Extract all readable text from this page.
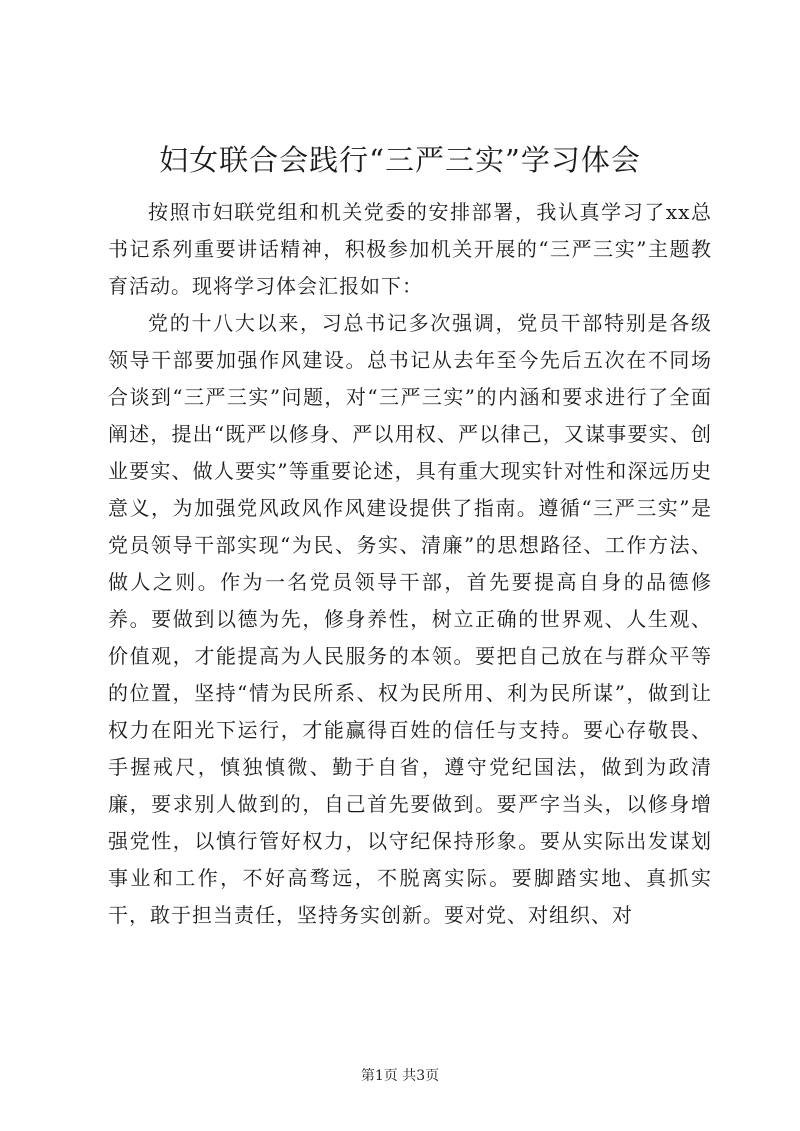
妇女联合会践行“三严三实”学习体会

按照市妇联党组和机关党委的安排部署，我认真学习了xx总书记系列重要讲话精神，积极参加机关开展的“三严三实”主题教育活动。现将学习体会汇报如下：

党的十八大以来，习总书记多次强调，党员干部特别是各级领导干部要加强作风建设。总书记从去年至今先后五次在不同场合谈到“三严三实”问题，对“三严三实”的内涵和要求进行了全面阐述，提出“既严以修身、严以用权、严以律己，又谋事要实、创业要实、做人要实”等重要论述，具有重大现实针对性和深远历史意义，为加强党风政风作风建设提供了指南。遵循“三严三实”是党员领导干部实现“为民、务实、清廉”的思想路径、工作方法、做人之则。作为一名党员领导干部，首先要提高自身的品德修养。要做到以德为先，修身养性，树立正确的世界观、人生观、价值观，才能提高为人民服务的本领。要把自己放在与群众平等的位置，坚持“情为民所系、权为民所用、利为民所谋”，做到让权力在阳光下运行，才能赢得百姓的信任与支持。要心存敬畏、手握戒尺，慎独慎微、勤于自省，遵守党纪国法，做到为政清廉，要求别人做到的，自己首先要做到。要严字当头，以修身增强党性，以慎行管好权力，以守纪保持形象。要从实际出发谋划事业和工作，不好高骛远，不脱离实际。要脚踏实地、真抓实干，敢于担当责任，坚持务实创新。要对党、对组织、对

第1页 共3页
